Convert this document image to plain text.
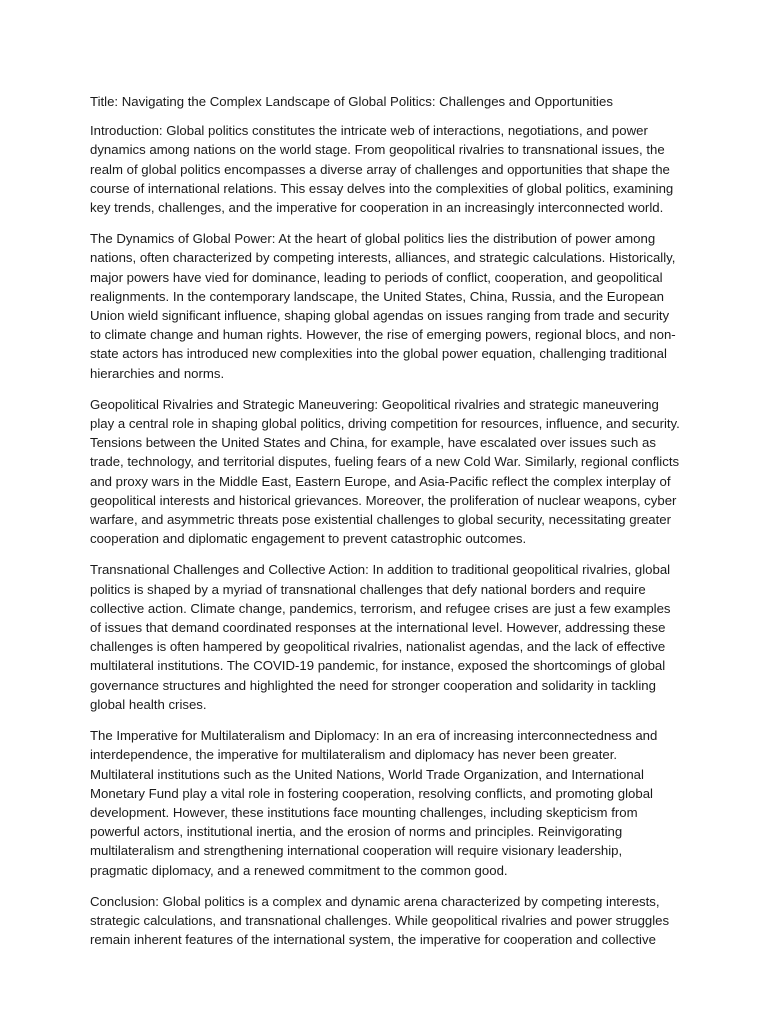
Title: Navigating the Complex Landscape of Global Politics: Challenges and Opportunities

Introduction: Global politics constitutes the intricate web of interactions, negotiations, and power dynamics among nations on the world stage. From geopolitical rivalries to transnational issues, the realm of global politics encompasses a diverse array of challenges and opportunities that shape the course of international relations. This essay delves into the complexities of global politics, examining key trends, challenges, and the imperative for cooperation in an increasingly interconnected world.

The Dynamics of Global Power: At the heart of global politics lies the distribution of power among nations, often characterized by competing interests, alliances, and strategic calculations. Historically, major powers have vied for dominance, leading to periods of conflict, cooperation, and geopolitical realignments. In the contemporary landscape, the United States, China, Russia, and the European Union wield significant influence, shaping global agendas on issues ranging from trade and security to climate change and human rights. However, the rise of emerging powers, regional blocs, and non-state actors has introduced new complexities into the global power equation, challenging traditional hierarchies and norms.

Geopolitical Rivalries and Strategic Maneuvering: Geopolitical rivalries and strategic maneuvering play a central role in shaping global politics, driving competition for resources, influence, and security. Tensions between the United States and China, for example, have escalated over issues such as trade, technology, and territorial disputes, fueling fears of a new Cold War. Similarly, regional conflicts and proxy wars in the Middle East, Eastern Europe, and Asia-Pacific reflect the complex interplay of geopolitical interests and historical grievances. Moreover, the proliferation of nuclear weapons, cyber warfare, and asymmetric threats pose existential challenges to global security, necessitating greater cooperation and diplomatic engagement to prevent catastrophic outcomes.

Transnational Challenges and Collective Action: In addition to traditional geopolitical rivalries, global politics is shaped by a myriad of transnational challenges that defy national borders and require collective action. Climate change, pandemics, terrorism, and refugee crises are just a few examples of issues that demand coordinated responses at the international level. However, addressing these challenges is often hampered by geopolitical rivalries, nationalist agendas, and the lack of effective multilateral institutions. The COVID-19 pandemic, for instance, exposed the shortcomings of global governance structures and highlighted the need for stronger cooperation and solidarity in tackling global health crises.

The Imperative for Multilateralism and Diplomacy: In an era of increasing interconnectedness and interdependence, the imperative for multilateralism and diplomacy has never been greater. Multilateral institutions such as the United Nations, World Trade Organization, and International Monetary Fund play a vital role in fostering cooperation, resolving conflicts, and promoting global development. However, these institutions face mounting challenges, including skepticism from powerful actors, institutional inertia, and the erosion of norms and principles. Reinvigorating multilateralism and strengthening international cooperation will require visionary leadership, pragmatic diplomacy, and a renewed commitment to the common good.

Conclusion: Global politics is a complex and dynamic arena characterized by competing interests, strategic calculations, and transnational challenges. While geopolitical rivalries and power struggles remain inherent features of the international system, the imperative for cooperation and collective
